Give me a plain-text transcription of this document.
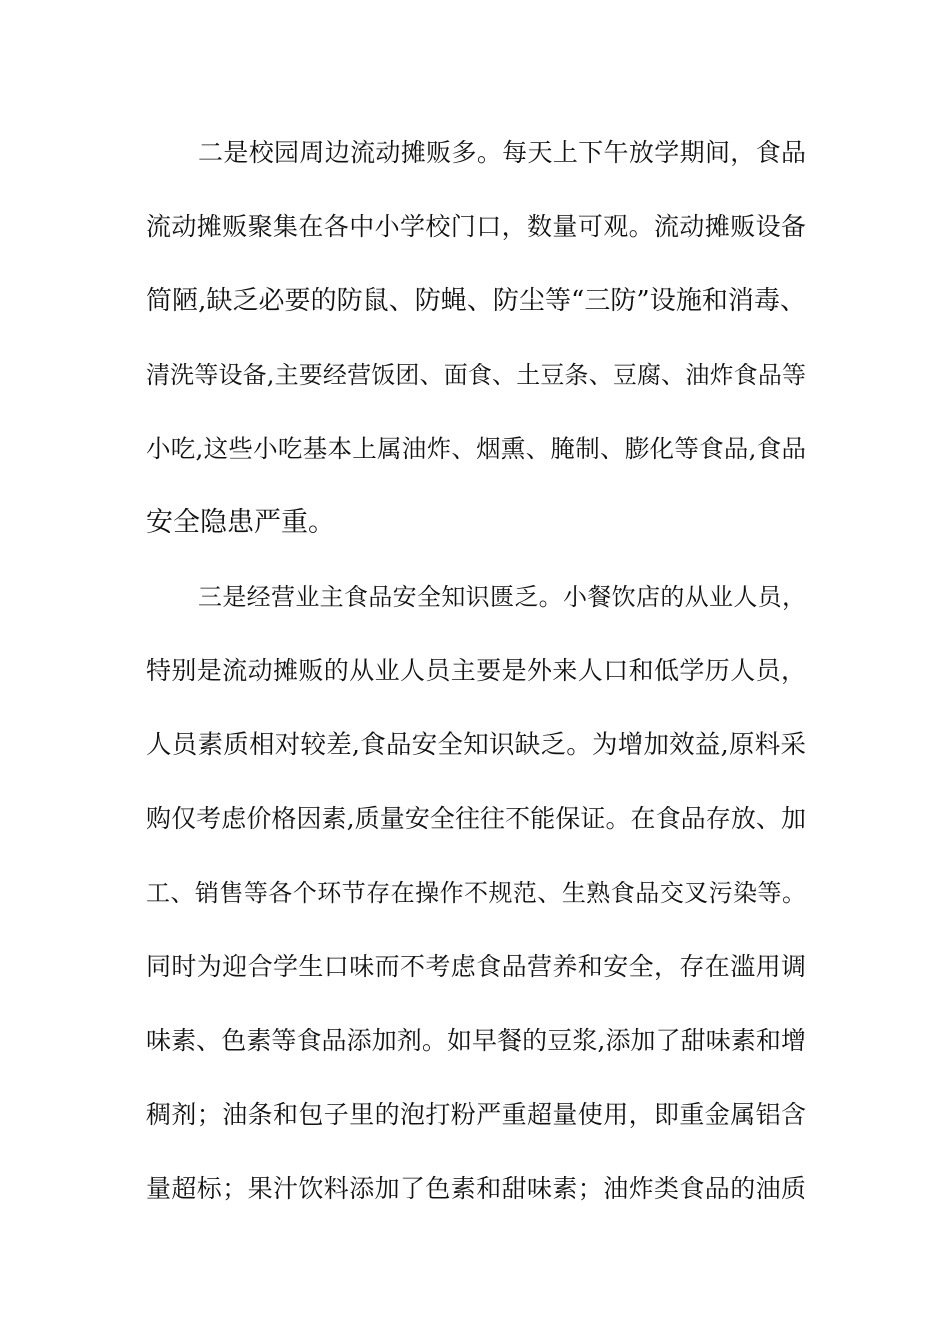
二是校园周边流动摊贩多。每天上下午放学期间，食品
流动摊贩聚集在各中小学校门口，数量可观。流动摊贩设备
简陋,缺乏必要的防鼠、防蝇、防尘等“三防”设施和消毒、
清洗等设备,主要经营饭团、面食、土豆条、豆腐、油炸食品等
小吃,这些小吃基本上属油炸、烟熏、腌制、膨化等食品,食品
安全隐患严重。
三是经营业主食品安全知识匮乏。小餐饮店的从业人员，
特别是流动摊贩的从业人员主要是外来人口和低学历人员，
人员素质相对较差,食品安全知识缺乏。为增加效益,原料采
购仅考虑价格因素,质量安全往往不能保证。在食品存放、加
工、销售等各个环节存在操作不规范、生熟食品交叉污染等。
同时为迎合学生口味而不考虑食品营养和安全，存在滥用调
味素、色素等食品添加剂。如早餐的豆浆,添加了甜味素和增
稠剂；油条和包子里的泡打粉严重超量使用，即重金属铝含
量超标；果汁饮料添加了色素和甜味素；油炸类食品的油质
